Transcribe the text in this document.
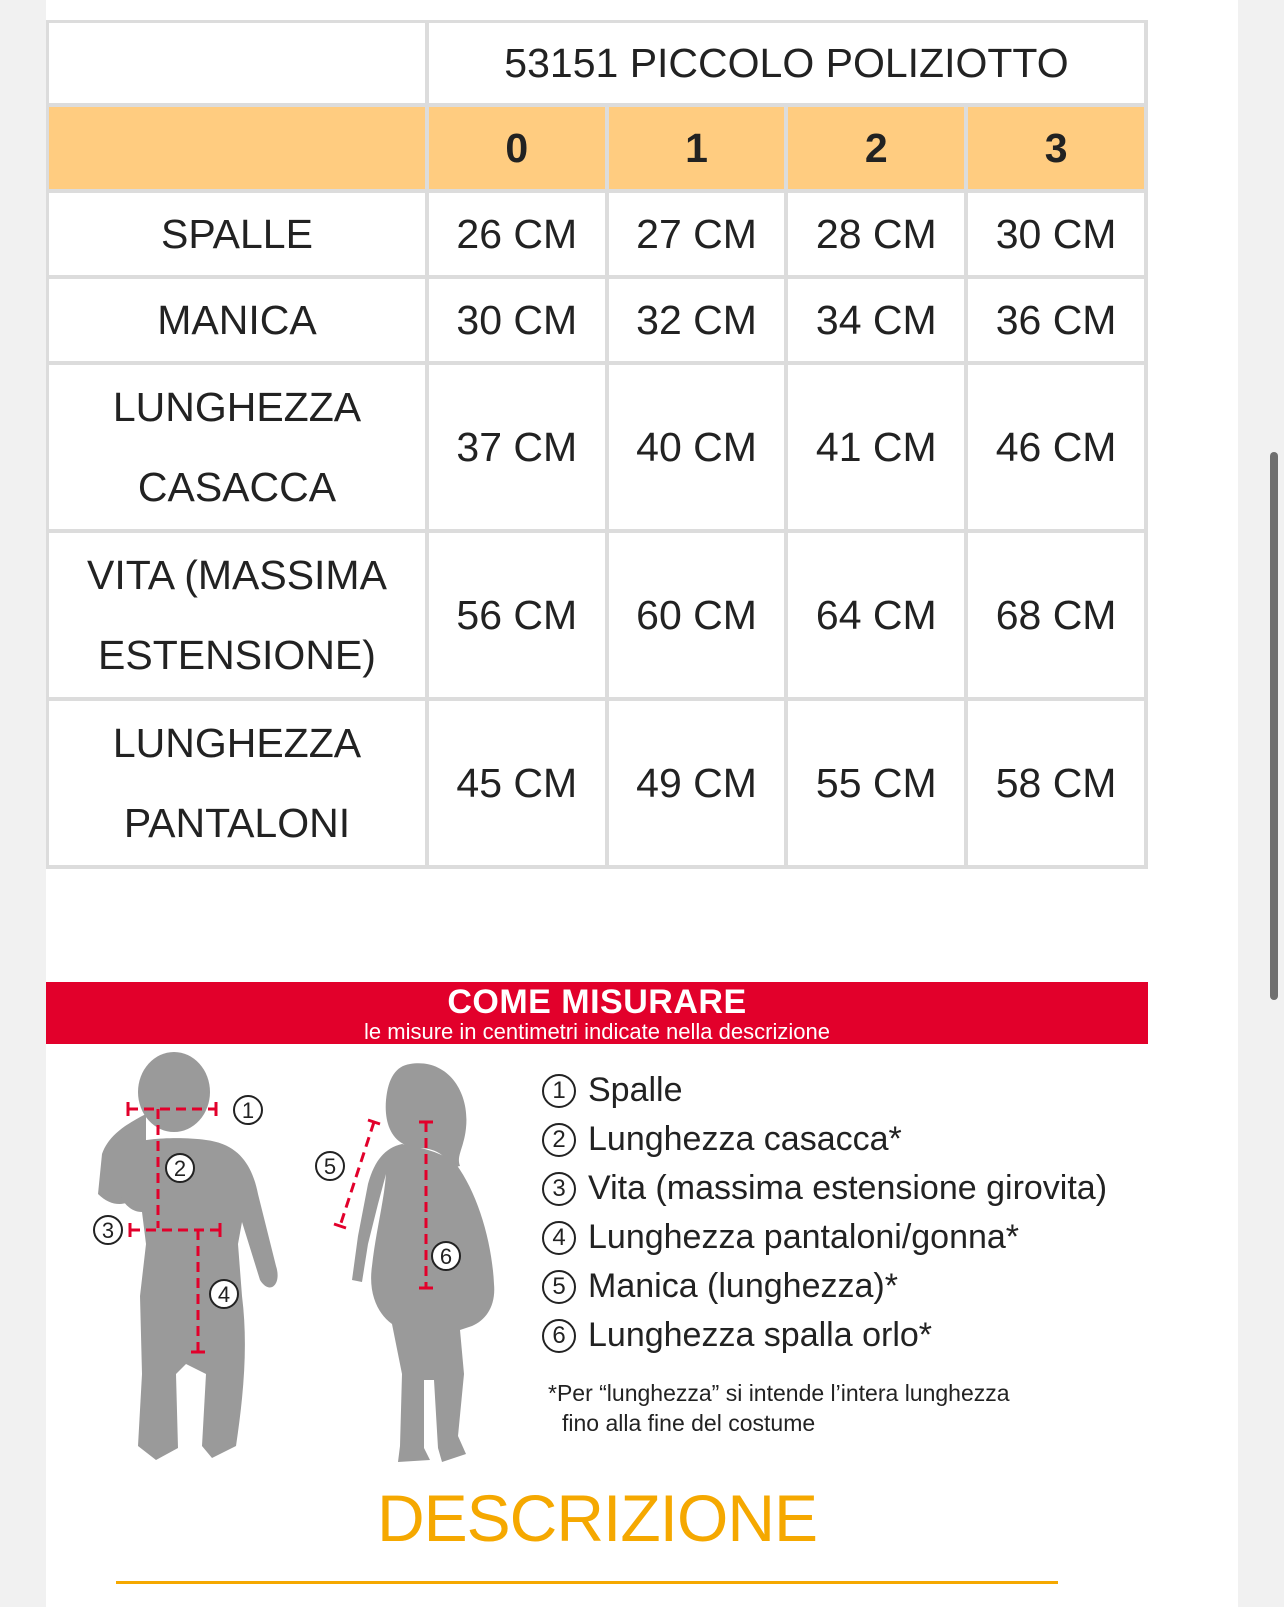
	53151 PICCOLO POLIZIOTTO			
	0	1	2	3
SPALLE	26 CM	27 CM	28 CM	30 CM
MANICA	30 CM	32 CM	34 CM	36 CM
LUNGHEZZA
CASACCA	37 CM	40 CM	41 CM	46 CM
VITA (MASSIMA
ESTENSIONE)	56 CM	60 CM	64 CM	68 CM
LUNGHEZZA
PANTALONI	45 CM	49 CM	55 CM	58 CM
COME MISURARE
le misure in centimetri indicate nella descrizione
1
2
3
4
5
6
1 Spalle
2 Lunghezza casacca*
3 Vita (massima estensione girovita)
4 Lunghezza pantaloni/gonna*
5 Manica (lunghezza)*
6 Lunghezza spalla orlo*
*Per “lunghezza” si intende l’intera lunghezza
fino alla fine del costume
DESCRIZIONE
